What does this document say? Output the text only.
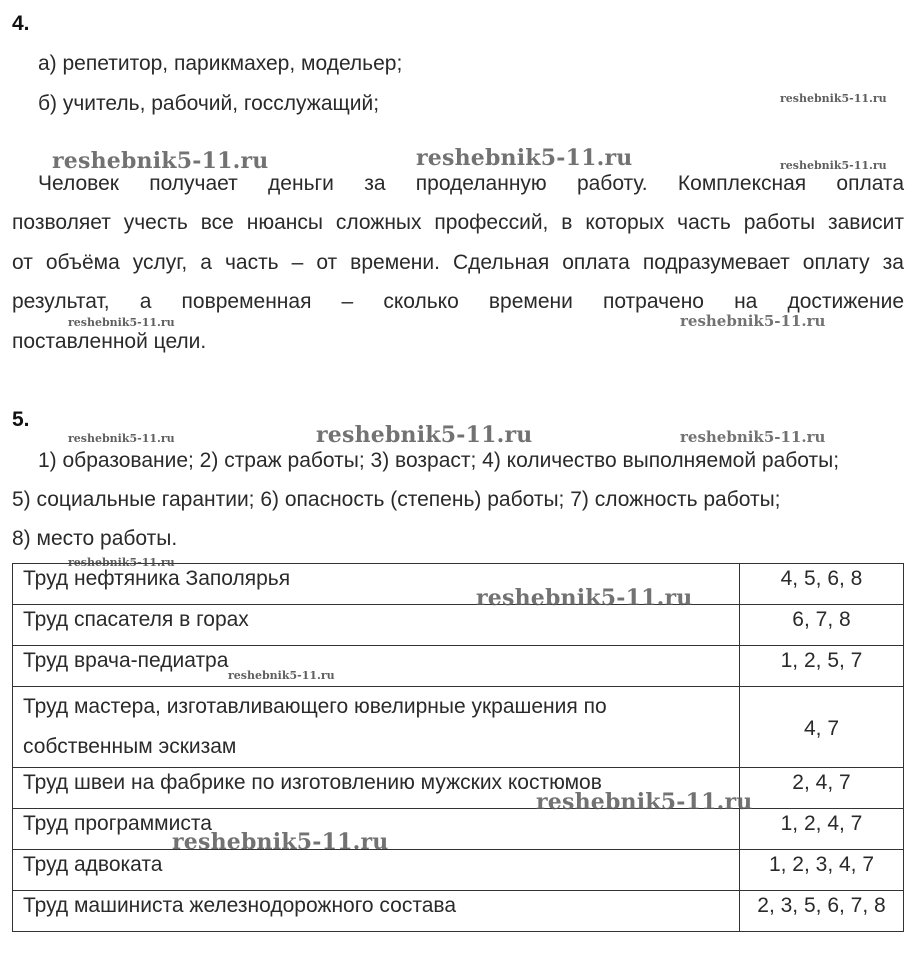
4.
а) репетитор, парикмахер, модельер;
б) учитель, рабочий, госслужащий;
Человек получает деньги за проделанную работу. Комплексная оплата
позволяет учесть все нюансы сложных профессий, в которых часть работы зависит
от объёма услуг, а часть – от времени. Сдельная оплата подразумевает оплату за
результат, а повременная – сколько времени потрачено на достижение
поставленной цели.
5.
1) образование; 2) страж работы; 3) возраст; 4) количество выполняемой работы;
5) социальные гарантии; 6) опасность (степень) работы; 7) сложность работы;
8) место работы.
Труд нефтяника Заполярья	4, 5, 6, 8
Труд спасателя в горах	6, 7, 8
Труд врача-педиатра	1, 2, 5, 7

Труд мастера, изготавливающего ювелирные украшения по
собственным эскизам	4, 7
Труд швеи на фабрике по изготовлению мужских костюмов	2, 4, 7
Труд программиста	1, 2, 4, 7
Труд адвоката	1, 2, 3, 4, 7
Труд машиниста железнодорожного состава	2, 3, 5, 6, 7, 8
reshebnik5-11.ru
reshebnik5-11.ru	reshebnik5-11.ru	reshebnik5-11.ru
reshebnik5-11.ru	reshebnik5-11.ru
reshebnik5-11.ru	reshebnik5-11.ru	reshebnik5-11.ru
reshebnik5-11.ru
reshebnik5-11.ru
reshebnik5-11.ru
reshebnik5-11.ru
reshebnik5-11.ru
